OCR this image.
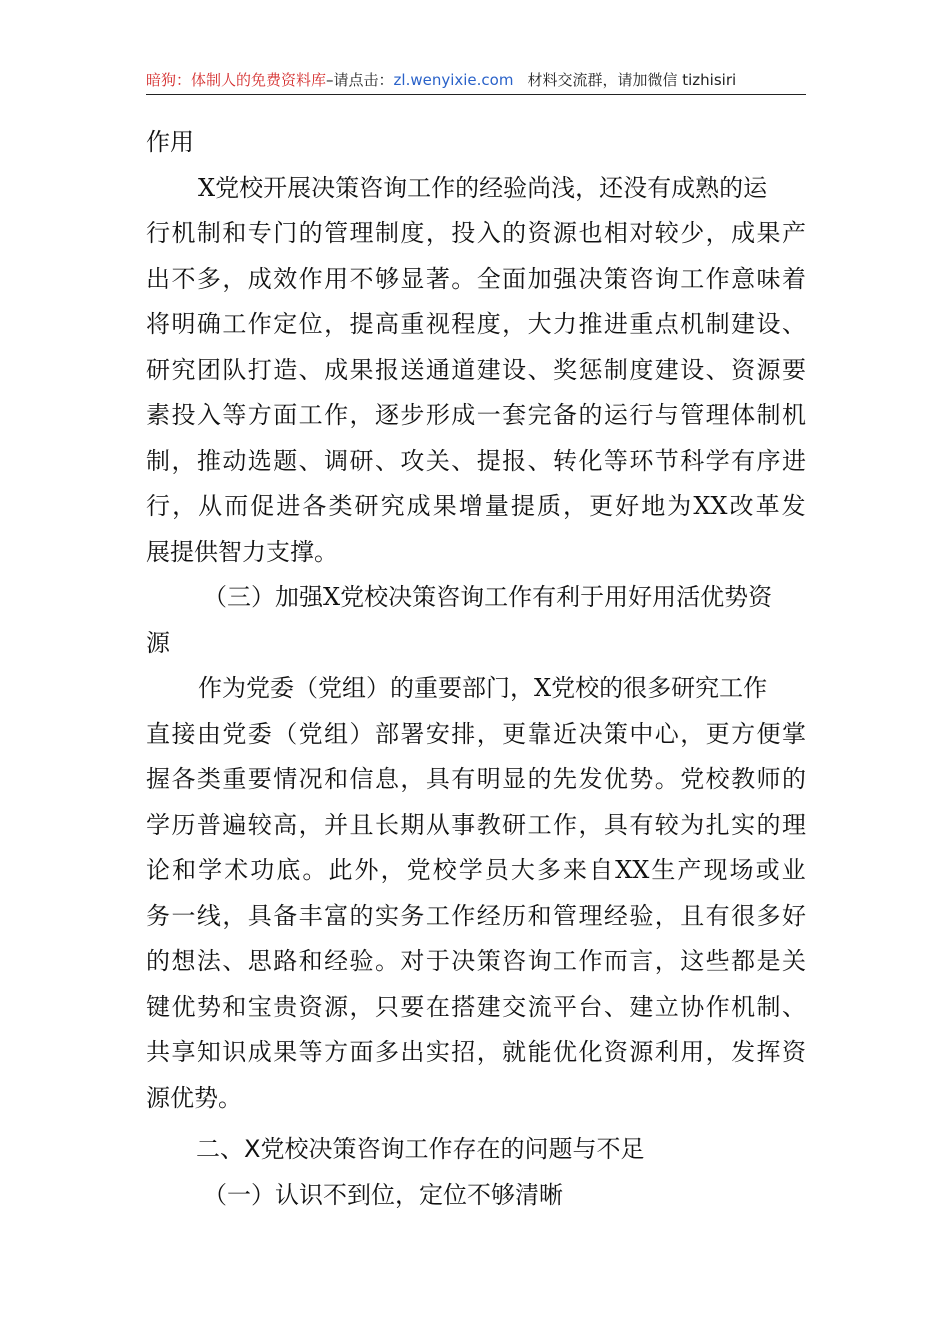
暗狗：体制人的免费资料库–请点击：zl.wenyixie.com 材料交流群，请加微信 tizhisiri
作用
X党校开展决策咨询工作的经验尚浅，还没有成熟的运
行 机 制 和 专 门 的 管 理 制 度 ， 投 入 的 资 源 也 相 对 较 少 ， 成 果 产
出 不 多 ， 成 效 作 用 不 够 显 著 。 全 面 加 强 决 策 咨 询 工 作 意 味 着
将 明 确 工 作 定 位 ， 提 高 重 视 程 度 ， 大 力 推 进 重 点 机 制 建 设 、
研 究 团 队 打 造 、 成 果 报 送 通 道 建 设 、 奖 惩 制 度 建 设 、 资 源 要
素 投 入 等 方 面 工 作 ， 逐 步 形 成 一 套 完 备 的 运 行 与 管 理 体 制 机
制 ， 推 动 选 题 、 调 研 、 攻 关 、 提 报 、 转 化 等 环 节 科 学 有 序 进
行 ， 从 而 促 进 各 类 研 究 成 果 增 量 提 质 ， 更 好 地 为 XX 改 革 发
展提供智力支撑。
（三）加强X党校决策咨询工作有利于用好用活优势资
源
作为党委（党组）的重要部门，X党校的很多研究工作
直 接 由 党 委 （ 党 组 ） 部 署 安 排 ， 更 靠 近 决 策 中 心 ， 更 方 便 掌
握 各 类 重 要 情 况 和 信 息 ， 具 有 明 显 的 先 发 优 势 。 党 校 教 师 的
学 历 普 遍 较 高 ， 并 且 长 期 从 事 教 研 工 作 ， 具 有 较 为 扎 实 的 理
论 和 学 术 功 底 。 此 外 ， 党 校 学 员 大 多 来 自 XX 生 产 现 场 或 业
务 一 线 ， 具 备 丰 富 的 实 务 工 作 经 历 和 管 理 经 验 ， 且 有 很 多 好
的 想 法 、 思 路 和 经 验 。 对 于 决 策 咨 询 工 作 而 言 ， 这 些 都 是 关
键 优 势 和 宝 贵 资 源 ， 只 要 在 搭 建 交 流 平 台 、 建 立 协 作 机 制 、
共 享 知 识 成 果 等 方 面 多 出 实 招 ， 就 能 优 化 资 源 利 用 ， 发 挥 资
源优势。
二、X党校决策咨询工作存在的问题与不足
（一）认识不到位，定位不够清晰
